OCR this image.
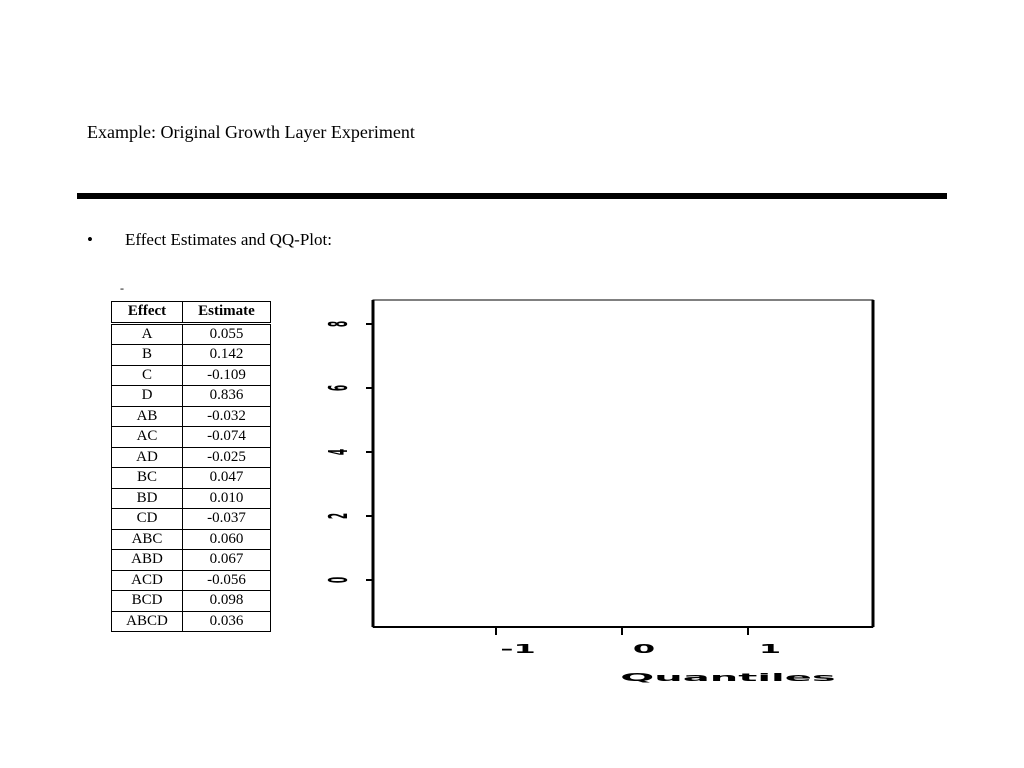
Example: Original Growth Layer Experiment
• Effect Estimates and QQ-Plot:
-
Effect	Estimate
A	0.055
B	0.142
C	-0.109
D	0.836
AB	-0.032
AC	-0.074
AD	-0.025
BC	0.047
BD	0.010
CD	-0.037
ABC	0.060
ABD	0.067
ACD	-0.056
BCD	0.098
ABCD	0.036
-1	0	1
0
2
4
6
8
Quantiles
